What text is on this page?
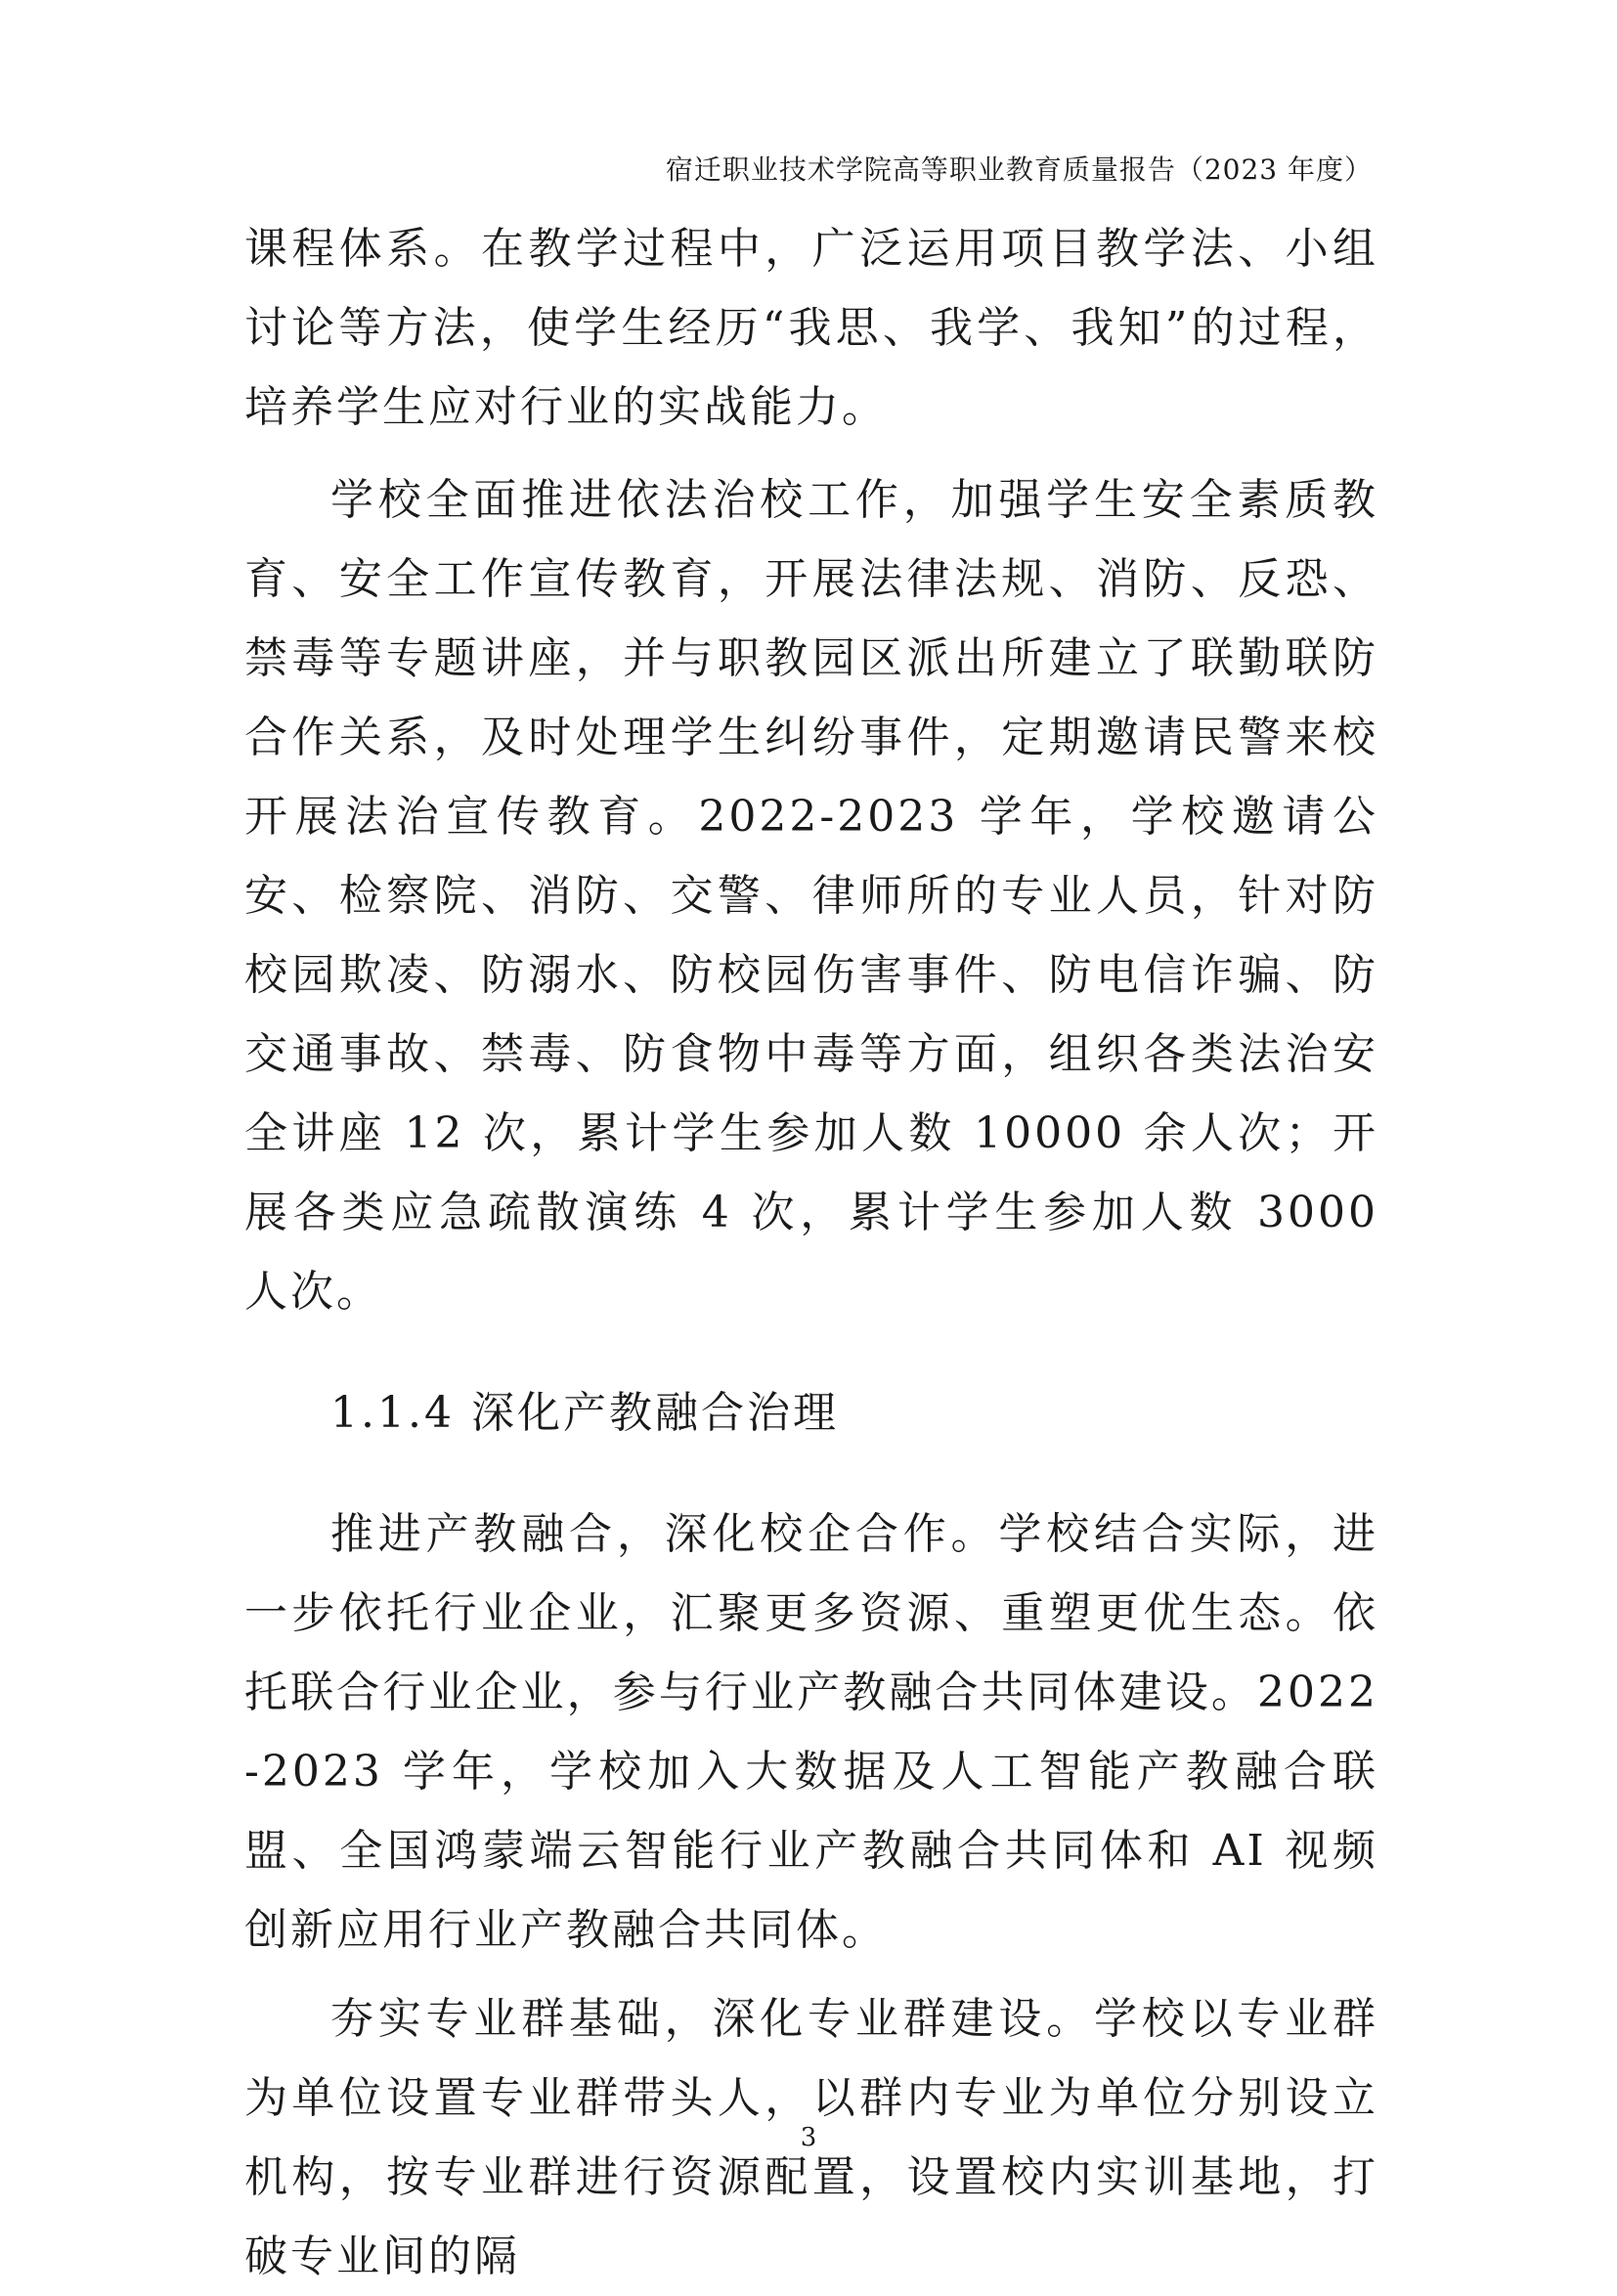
宿迁职业技术学院高等职业教育质量报告（2023 年度）

课程体系。在教学过程中，广泛运用项目教学法、小组讨论等方法，使学生经历“我思、我学、我知”的过程，培养学生应对行业的实战能力。

学校全面推进依法治校工作，加强学生安全素质教育、安全工作宣传教育，开展法律法规、消防、反恐、禁毒等专题讲座，并与职教园区派出所建立了联勤联防合作关系，及时处理学生纠纷事件，定期邀请民警来校开展法治宣传教育。2022-2023 学年，学校邀请公安、检察院、消防、交警、律师所的专业人员，针对防校园欺凌、防溺水、防校园伤害事件、防电信诈骗、防交通事故、禁毒、防食物中毒等方面，组织各类法治安全讲座 12 次，累计学生参加人数 10000 余人次；开展各类应急疏散演练 4 次，累计学生参加人数 3000 人次。

1.1.4 深化产教融合治理

推进产教融合，深化校企合作。学校结合实际，进一步依托行业企业，汇聚更多资源、重塑更优生态。依托联合行业企业，参与行业产教融合共同体建设。2022-2023 学年，学校加入大数据及人工智能产教融合联盟、全国鸿蒙端云智能行业产教融合共同体和 AI 视频创新应用行业产教融合共同体。

夯实专业群基础，深化专业群建设。学校以专业群为单位设置专业群带头人，以群内专业为单位分别设立机构，按专业群进行资源配置，设置校内实训基地，打破专业间的隔

3
